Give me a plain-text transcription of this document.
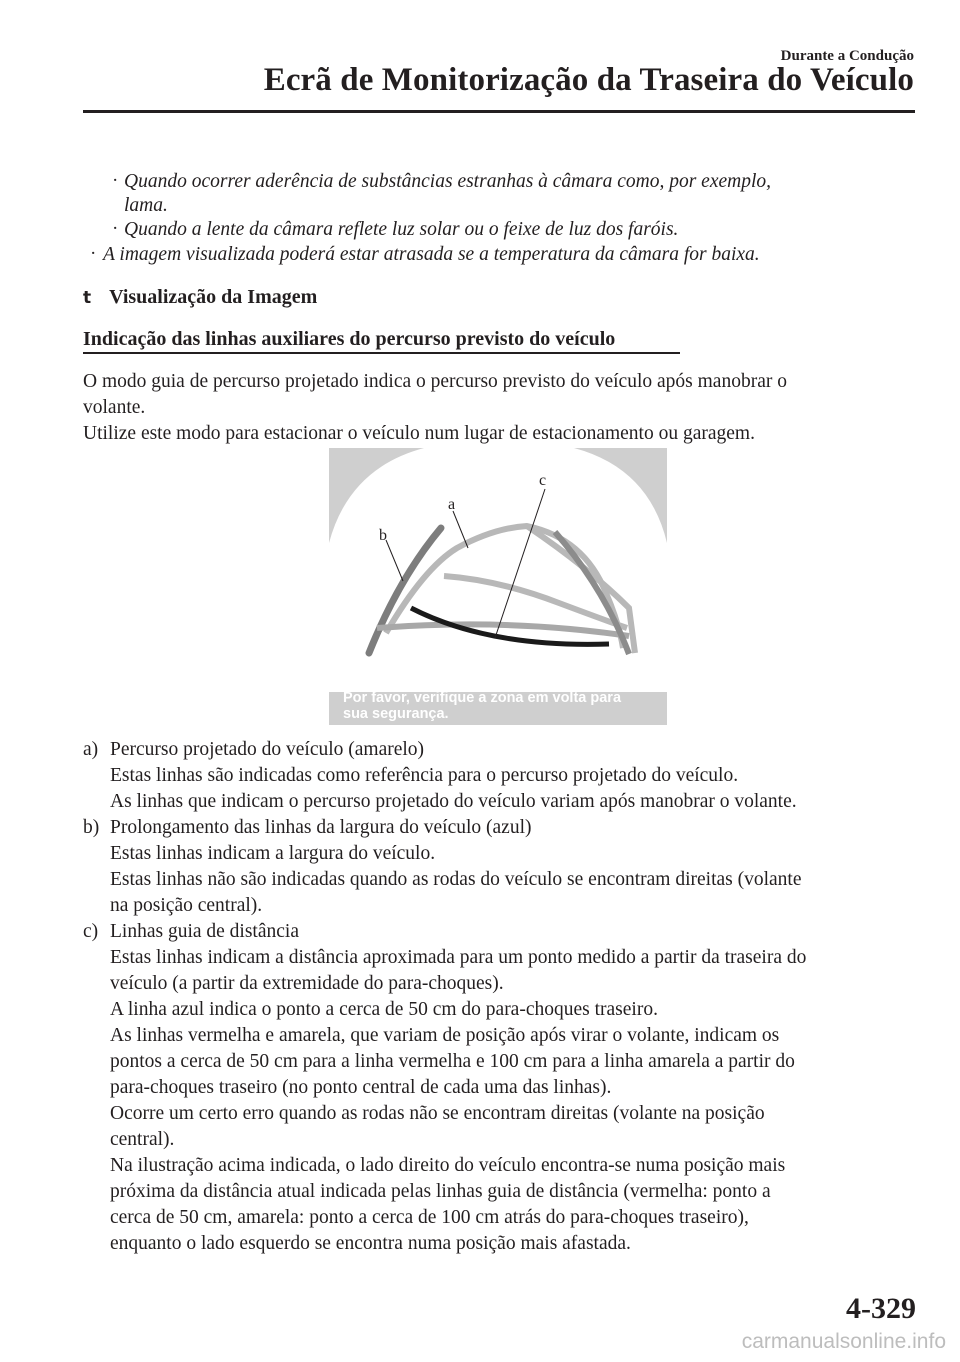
Durante a Condução
Ecrã de Monitorização da Traseira do Veículo
· Quando ocorrer aderência de substâncias estranhas à câmara como, por exemplo,
lama.
· Quando a lente da câmara reflete luz solar ou o feixe de luz dos faróis.
· A imagem visualizada poderá estar atrasada se a temperatura da câmara for baixa.
t Visualização da Imagem
Indicação das linhas auxiliares do percurso previsto do veículo
O modo guia de percurso projetado indica o percurso previsto do veículo após manobrar o
volante.
Utilize este modo para estacionar o veículo num lugar de estacionamento ou garagem.
a
b
c
Por favor, verifique a zona em volta para
sua segurança.
a) Percurso projetado do veículo (amarelo)
Estas linhas são indicadas como referência para o percurso projetado do veículo.
As linhas que indicam o percurso projetado do veículo variam após manobrar o volante.
b) Prolongamento das linhas da largura do veículo (azul)
Estas linhas indicam a largura do veículo.
Estas linhas não são indicadas quando as rodas do veículo se encontram direitas (volante
na posição central).
c) Linhas guia de distância
Estas linhas indicam a distância aproximada para um ponto medido a partir da traseira do
veículo (a partir da extremidade do para-choques).
A linha azul indica o ponto a cerca de 50 cm do para-choques traseiro.
As linhas vermelha e amarela, que variam de posição após virar o volante, indicam os
pontos a cerca de 50 cm para a linha vermelha e 100 cm para a linha amarela a partir do
para-choques traseiro (no ponto central de cada uma das linhas).
Ocorre um certo erro quando as rodas não se encontram direitas (volante na posição
central).
Na ilustração acima indicada, o lado direito do veículo encontra-se numa posição mais
próxima da distância atual indicada pelas linhas guia de distância (vermelha: ponto a
cerca de 50 cm, amarela: ponto a cerca de 100 cm atrás do para-choques traseiro),
enquanto o lado esquerdo se encontra numa posição mais afastada.
4-329
carmanualsonline.info
